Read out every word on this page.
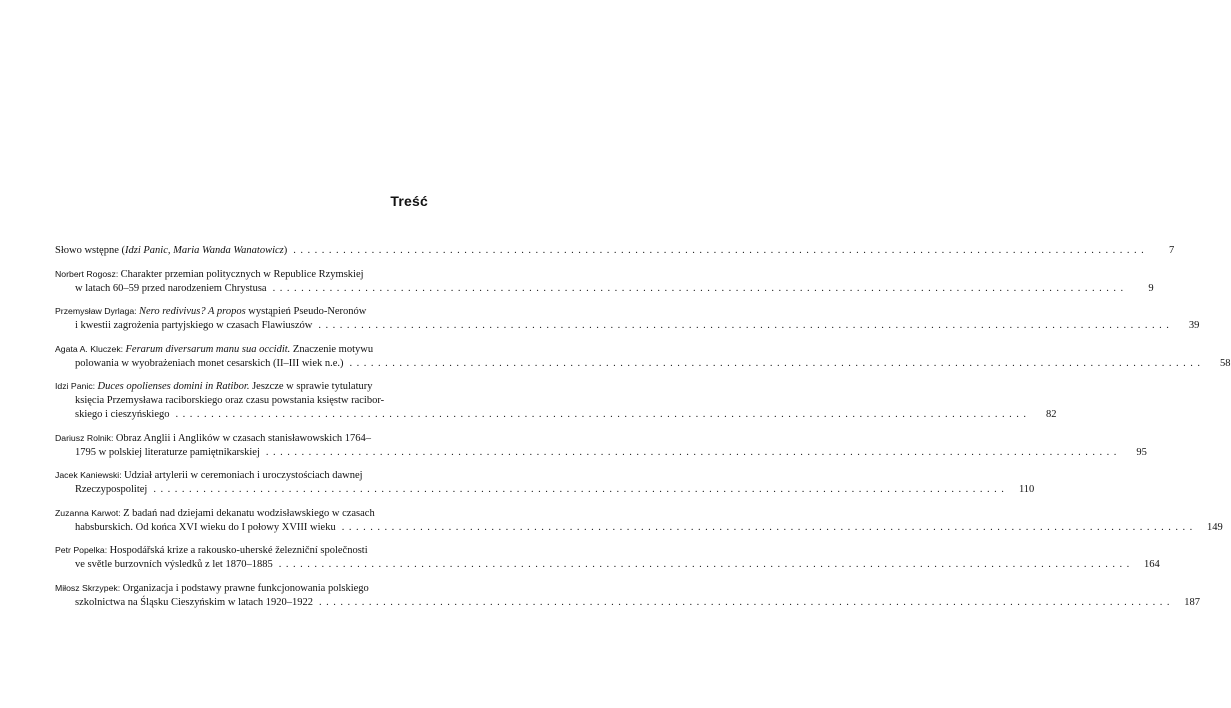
Treść
Słowo wstępne (Idzi Panic, Maria Wanda Wanatowicz) ........................................................................................................................	7
Norbert Rogosz: Charakter przemian politycznych w Republice Rzymskiej
w latach 60–59 przed narodzeniem Chrystusa ........................................................................................................................	9
Przemysław Dyrlaga: Nero redivivus? A propos wystąpień Pseudo-Neronów
i kwestii zagrożenia partyjskiego w czasach Flawiuszów ........................................................................................................................	39
Agata A. Kluczek: Ferarum diversarum manu sua occidit. Znaczenie motywu
polowania w wyobrażeniach monet cesarskich (II–III wiek n.e.) ........................................................................................................................	58
Idzi Panic: Duces opolienses domini in Ratibor. Jeszcze w sprawie tytulatury
księcia Przemysława raciborskiego oraz czasu powstania księstw racibor-
skiego i cieszyńskiego ........................................................................................................................	82
Dariusz Rolnik: Obraz Anglii i Anglików w czasach stanisławowskich 1764–
1795 w polskiej literaturze pamiętnikarskiej ........................................................................................................................	95
Jacek Kaniewski: Udział artylerii w ceremoniach i uroczystościach dawnej
Rzeczypospolitej ........................................................................................................................	110
Zuzanna Karwot: Z badań nad dziejami dekanatu wodzisławskiego w czasach
habsburskich. Od końca XVI wieku do I połowy XVIII wieku ........................................................................................................................ 149
Petr Popelka: Hospodářská krize a rakousko-uherské železniční společnosti
ve světle burzovních výsledků z let 1870–1885 ........................................................................................................................ 164
Miłosz Skrzypek: Organizacja i podstawy prawne funkcjonowania polskiego
szkolnictwa na Śląsku Cieszyńskim w latach 1920–1922 ........................................................................................................................ 187
